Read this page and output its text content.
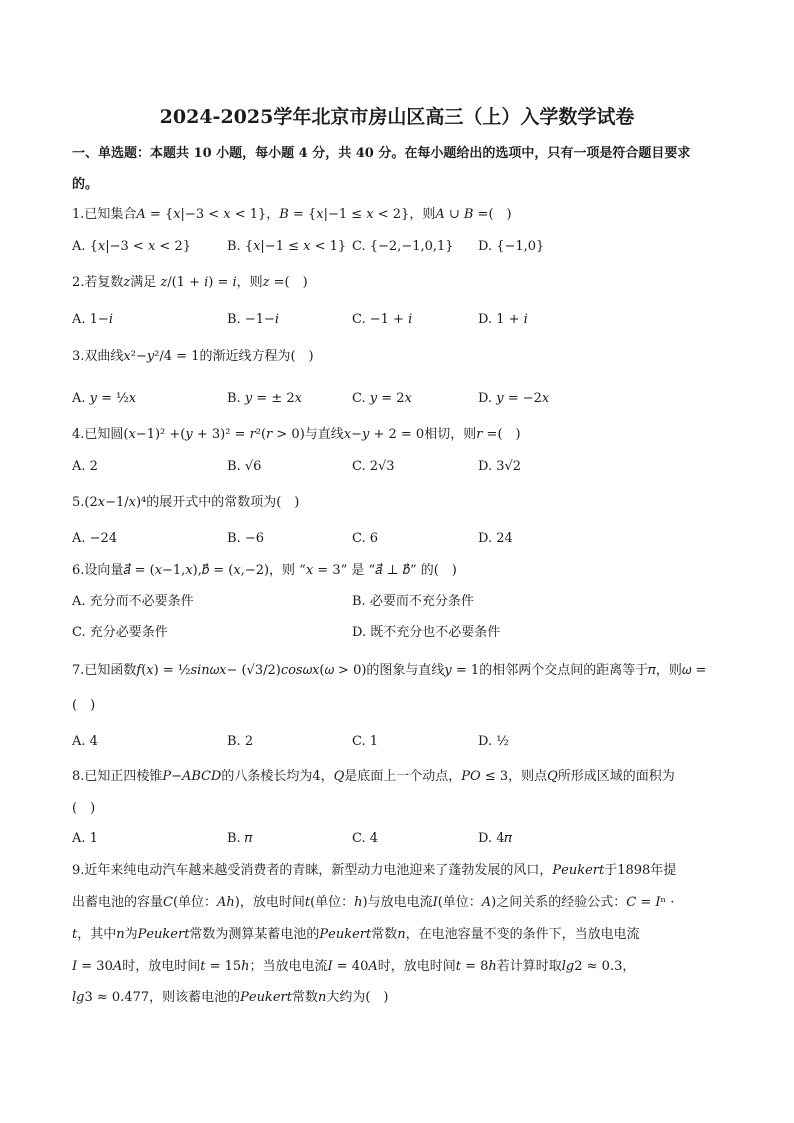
2024-2025学年北京市房山区高三（上）入学数学试卷
一、单选题：本题共 10 小题，每小题 4 分，共 40 分。在每小题给出的选项中，只有一项是符合题目要求
的。
1.已知集合𝐴 = {𝑥|−3 < 𝑥 < 1}，𝐵 = {𝑥|−1 ≤ 𝑥 < 2}，则𝐴 ∪ 𝐵 =(　)
A. {𝑥|−3 < 𝑥 < 2}	B. {𝑥|−1 ≤ 𝑥 < 1} C. {−2,−1,0,1} D. {−1,0}
2.若复数𝑧满足 𝑧/(1 + 𝑖) = 𝑖，则𝑧 =(　)
A. 1−𝑖	B. −1−𝑖	C. −1 + 𝑖	D. 1 + 𝑖
3.双曲线𝑥²−𝑦²/4 = 1的渐近线方程为(　)
A. 𝑦 = ½𝑥	B. 𝑦 = ± 2𝑥	C. 𝑦 = 2𝑥	D. 𝑦 = −2𝑥
4.已知圆(𝑥−1)² +(𝑦 + 3)² = 𝑟²(𝑟 > 0)与直线𝑥−𝑦 + 2 = 0相切，则𝑟 =(　)
A. 2	B. √6	C. 2√3	D. 3√2
5.(2𝑥−1/𝑥)⁴的展开式中的常数项为(　)
A. −24	B. −6	C. 6	D. 24
6.设向量𝑎⃗ = (𝑥−1,𝑥),𝑏⃗ = (𝑥,−2)，则 “𝑥 = 3” 是 “𝑎⃗ ⊥ 𝑏⃗” 的(　)
A. 充分而不必要条件	B. 必要而不充分条件
C. 充分必要条件	D. 既不充分也不必要条件
7.已知函数𝑓(𝑥) = ½𝑠𝑖𝑛𝜔𝑥− (√3/2)𝑐𝑜𝑠𝜔𝑥(𝜔 > 0)的图象与直线𝑦 = 1的相邻两个交点间的距离等于𝜋，则𝜔 =
(　)
A. 4	B. 2	C. 1	D. ½
8.已知正四棱锥𝑃−𝐴𝐵𝐶𝐷的八条棱长均为4，𝑄是底面上一个动点，𝑃𝑂 ≤ 3，则点𝑄所形成区域的面积为
(　)
A. 1	B. 𝜋	C. 4	D. 4𝜋
9.近年来纯电动汽车越来越受消费者的青睐，新型动力电池迎来了蓬勃发展的风口，𝑃𝑒𝑢𝑘𝑒𝑟𝑡于1898年提
出蓄电池的容量𝐶(单位：𝐴ℎ)，放电时间𝑡(单位：ℎ)与放电电流𝐼(单位：𝐴)之间关系的经验公式：𝐶 = 𝐼ⁿ ·
𝑡，其中𝑛为𝑃𝑒𝑢𝑘𝑒𝑟𝑡常数为测算某蓄电池的𝑃𝑒𝑢𝑘𝑒𝑟𝑡常数𝑛，在电池容量不变的条件下，当放电电流
𝐼 = 30𝐴时，放电时间𝑡 = 15ℎ；当放电电流𝐼 = 40𝐴时，放电时间𝑡 = 8ℎ若计算时取𝑙𝑔2 ≈ 0.3，
𝑙𝑔3 ≈ 0.477，则该蓄电池的𝑃𝑒𝑢𝑘𝑒𝑟𝑡常数𝑛大约为(　)
